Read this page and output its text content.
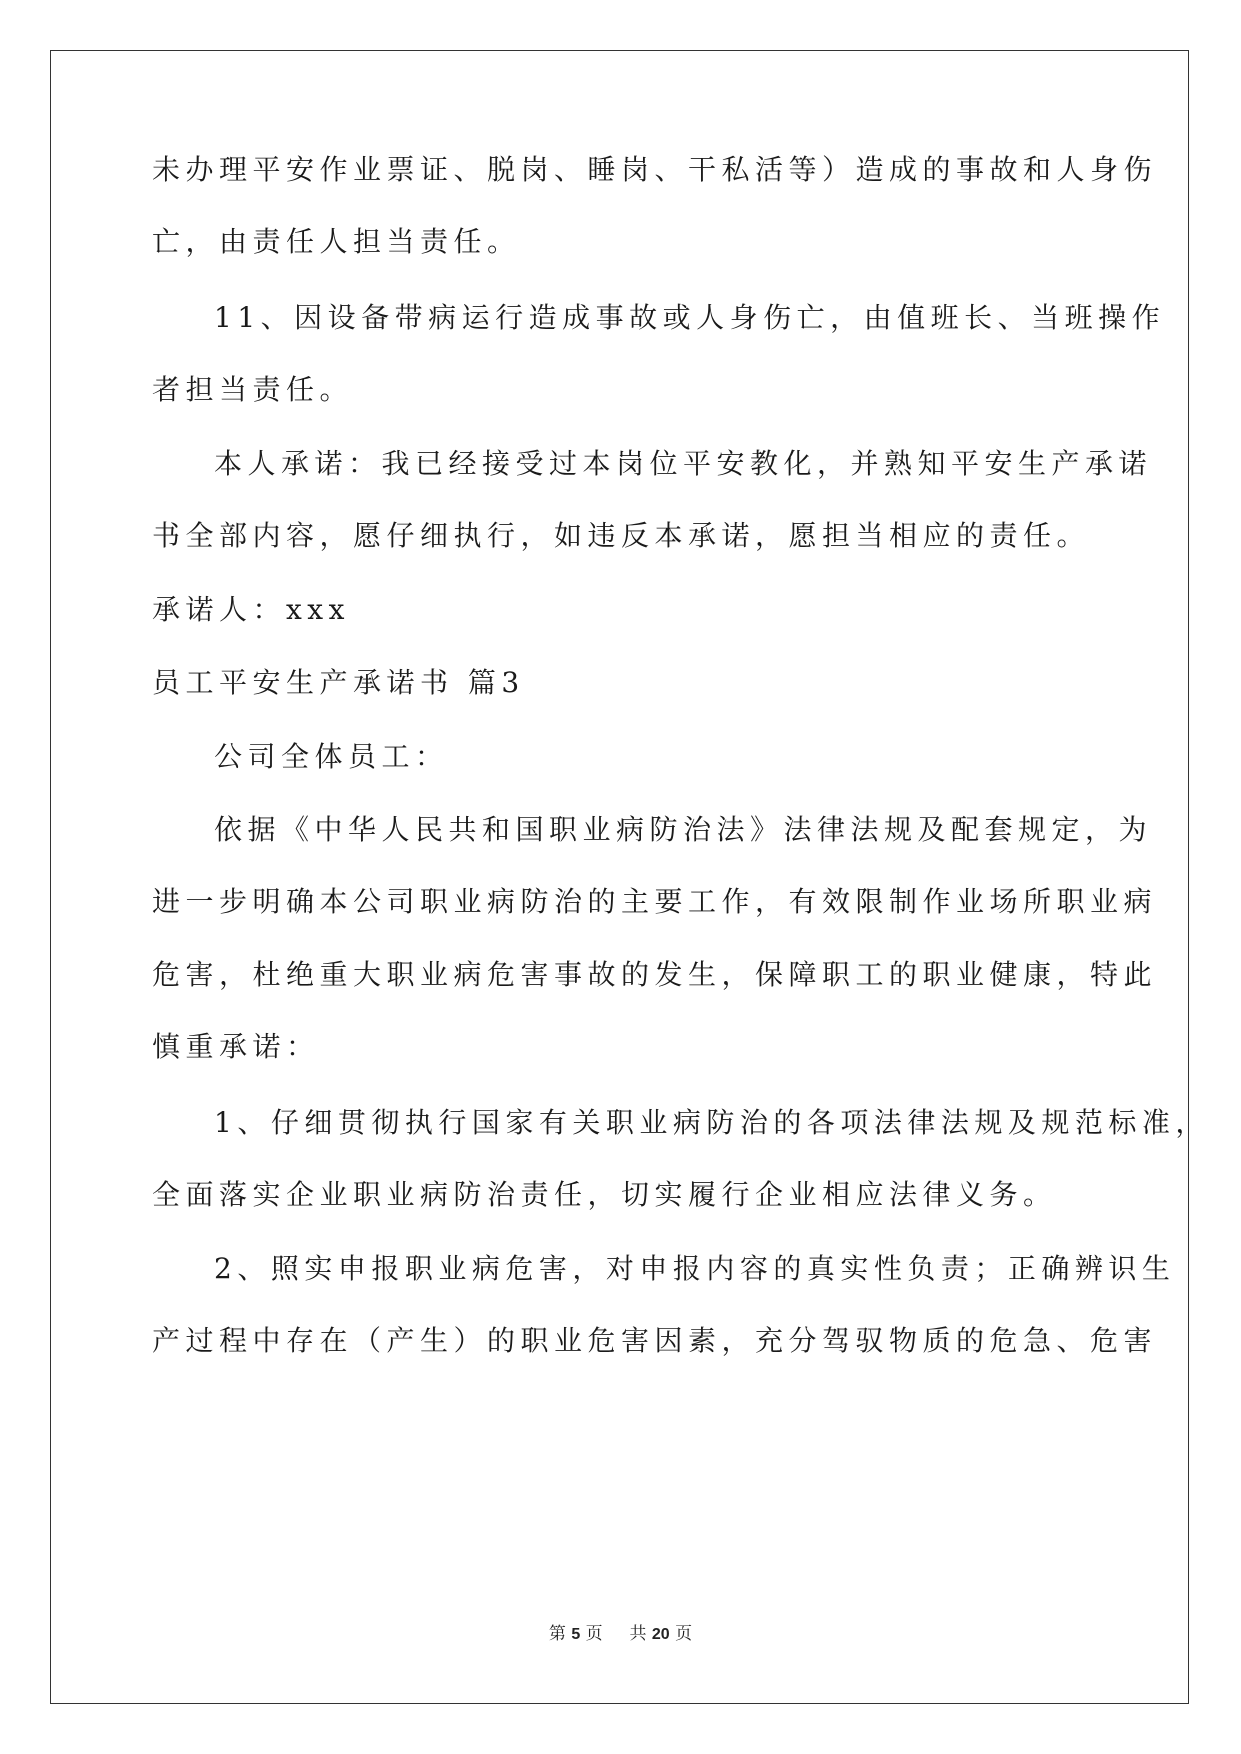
未办理平安作业票证、脱岗、睡岗、干私活等）造成的事故和人身伤

亡，由责任人担当责任。

11、因设备带病运行造成事故或人身伤亡，由值班长、当班操作

者担当责任。

本人承诺：我已经接受过本岗位平安教化，并熟知平安生产承诺

书全部内容，愿仔细执行，如违反本承诺，愿担当相应的责任。

承诺人：xxx

员工平安生产承诺书 篇3

公司全体员工：

依据《中华人民共和国职业病防治法》法律法规及配套规定，为

进一步明确本公司职业病防治的主要工作，有效限制作业场所职业病

危害，杜绝重大职业病危害事故的发生，保障职工的职业健康，特此

慎重承诺：

1、仔细贯彻执行国家有关职业病防治的各项法律法规及规范标准，

全面落实企业职业病防治责任，切实履行企业相应法律义务。

2、照实申报职业病危害，对申报内容的真实性负责；正确辨识生

产过程中存在（产生）的职业危害因素，充分驾驭物质的危急、危害

第 5 页 共 20 页
